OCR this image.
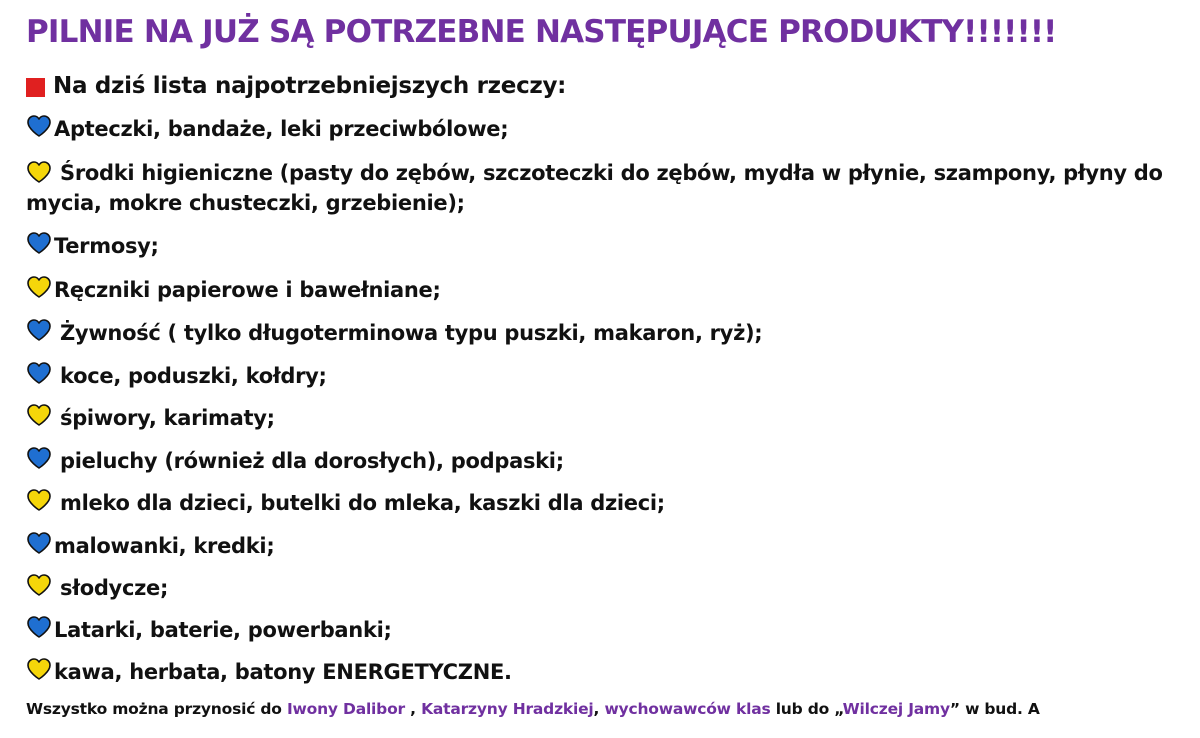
PILNIE NA JUŻ SĄ POTRZEBNE NASTĘPUJĄCE PRODUKTY!!!!!!!
Na dziś lista najpotrzebniejszych rzeczy:
Apteczki, bandaże, leki przeciwbólowe;
Środki higieniczne (pasty do zębów, szczoteczki do zębów, mydła w płynie, szampony, płyny do mycia, mokre chusteczki, grzebienie);
Termosy;
Ręczniki papierowe i bawełniane;
Żywność ( tylko długoterminowa typu puszki, makaron, ryż);
koce, poduszki, kołdry;
śpiwory, karimaty;
pieluchy (również dla dorosłych), podpaski;
mleko dla dzieci, butelki do mleka, kaszki dla dzieci;
malowanki, kredki;
słodycze;
Latarki, baterie, powerbanki;
kawa, herbata, batony ENERGETYCZNE.
Wszystko można przynosić do Iwony Dalibor , Katarzyny Hradzkiej, wychowawców klas lub do „Wilczej Jamy” w bud. A
